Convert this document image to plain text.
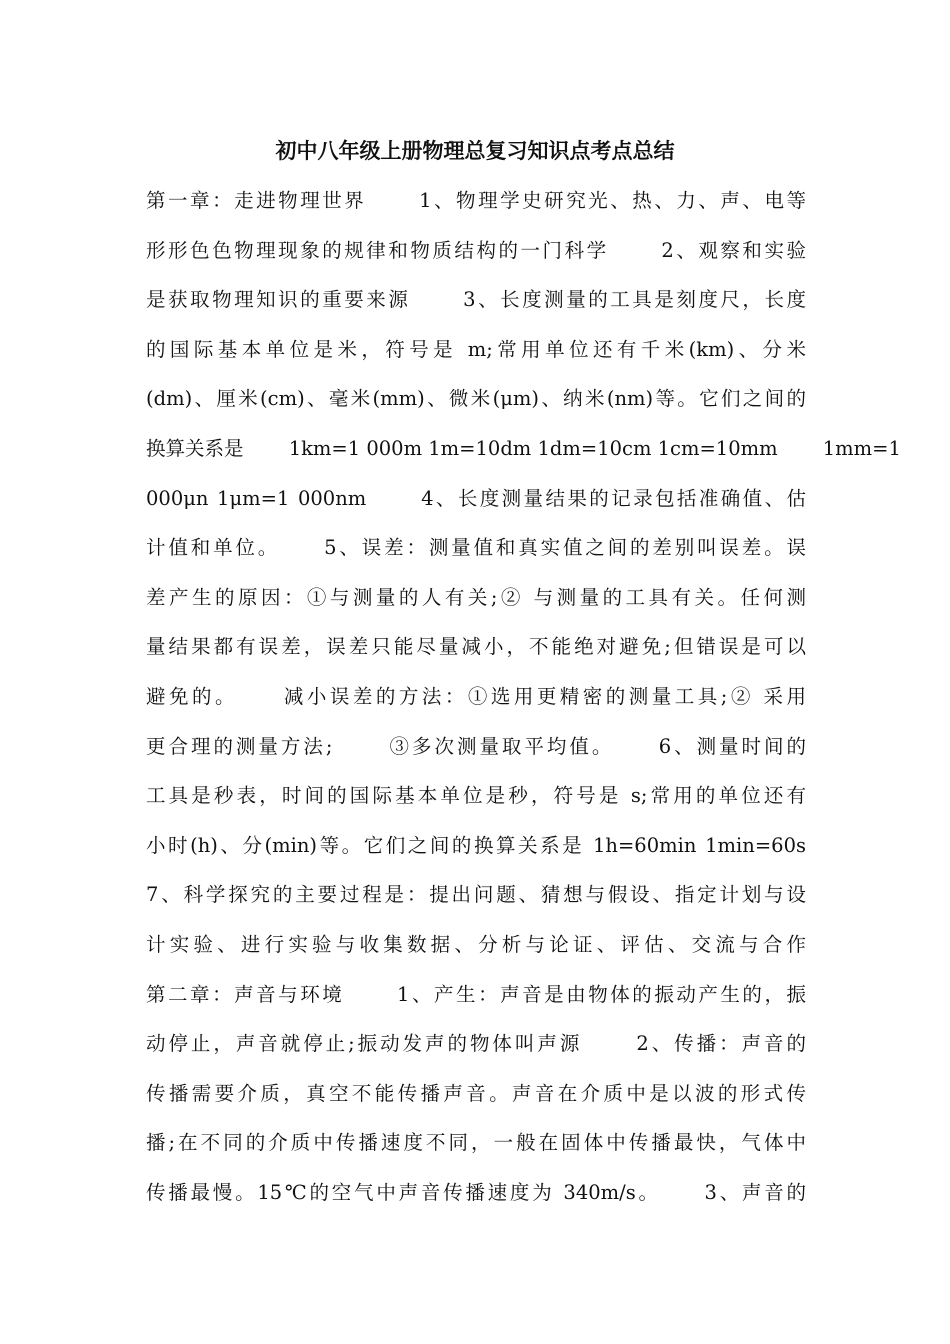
初中八年级上册物理总复习知识点考点总结
第一章：走进物理世界　　 1、物理学史研究光、热、力、声、电等
形形色色物理现象的规律和物质结构的一门科学　　 2、观察和实验
是获取物理知识的重要来源　　 3、长度测量的工具是刻度尺，长度
的国际基本单位是米，符号是 m;常用单位还有千米(km)、分米
(dm)、厘米(cm)、毫米(mm)、微米(μm)、纳米(nm)等。它们之间的
换算关系是　　 1km=1 000m 1m=10dm 1dm=10cm 1cm=10mm　　 1mm=1
000μn 1μm=1 000nm　　 4、长度测量结果的记录包括准确值、估
计值和单位。　　 5、误差：测量值和真实值之间的差别叫误差。误
差产生的原因：①与测量的人有关;② 与测量的工具有关。任何测
量结果都有误差，误差只能尽量减小，不能绝对避免;但错误是可以
避免的。　　 减小误差的方法：①选用更精密的测量工具;② 采用
更合理的测量方法;　　 ③多次测量取平均值。　　 6、测量时间的
工具是秒表，时间的国际基本单位是秒，符号是 s;常用的单位还有
小时(h)、分(min)等。它们之间的换算关系是 1h=60min 1min=60s
7、科学探究的主要过程是：提出问题、猜想与假设、指定计划与设
计实验、进行实验与收集数据、分析与论证、评估、交流与合作
第二章：声音与环境　　 1、产生：声音是由物体的振动产生的，振
动停止，声音就停止;振动发声的物体叫声源　　 2、传播：声音的
传播需要介质，真空不能传播声音。声音在介质中是以波的形式传
播;在不同的介质中传播速度不同，一般在固体中传播最快，气体中
传播最慢。15℃的空气中声音传播速度为 340m/s。　　 3、声音的
